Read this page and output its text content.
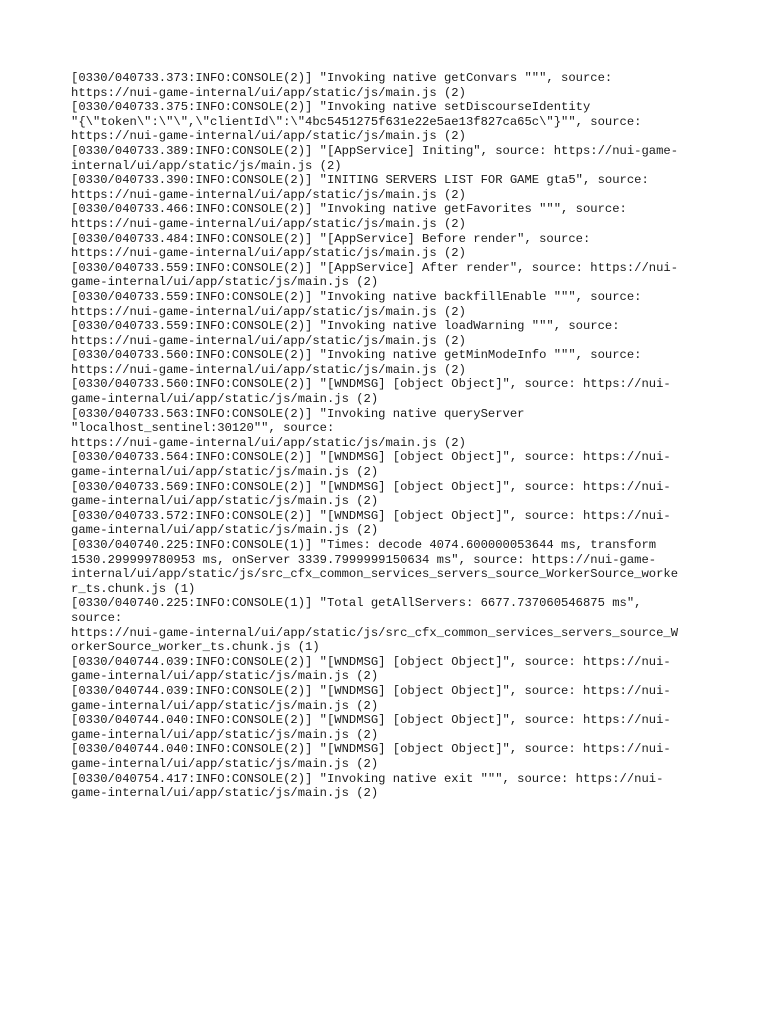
[0330/040733.373:INFO:CONSOLE(2)] "Invoking native getConvars """, source:
https://nui-game-internal/ui/app/static/js/main.js (2)
[0330/040733.375:INFO:CONSOLE(2)] "Invoking native setDiscourseIdentity
"{\"token\":\"\",\"clientId\":\"4bc5451275f631e22e5ae13f827ca65c\"}"", source:
https://nui-game-internal/ui/app/static/js/main.js (2)
[0330/040733.389:INFO:CONSOLE(2)] "[AppService] Initing", source: https://nui-game-
internal/ui/app/static/js/main.js (2)
[0330/040733.390:INFO:CONSOLE(2)] "INITING SERVERS LIST FOR GAME gta5", source:
https://nui-game-internal/ui/app/static/js/main.js (2)
[0330/040733.466:INFO:CONSOLE(2)] "Invoking native getFavorites """, source:
https://nui-game-internal/ui/app/static/js/main.js (2)
[0330/040733.484:INFO:CONSOLE(2)] "[AppService] Before render", source:
https://nui-game-internal/ui/app/static/js/main.js (2)
[0330/040733.559:INFO:CONSOLE(2)] "[AppService] After render", source: https://nui-
game-internal/ui/app/static/js/main.js (2)
[0330/040733.559:INFO:CONSOLE(2)] "Invoking native backfillEnable """, source:
https://nui-game-internal/ui/app/static/js/main.js (2)
[0330/040733.559:INFO:CONSOLE(2)] "Invoking native loadWarning """, source:
https://nui-game-internal/ui/app/static/js/main.js (2)
[0330/040733.560:INFO:CONSOLE(2)] "Invoking native getMinModeInfo """, source:
https://nui-game-internal/ui/app/static/js/main.js (2)
[0330/040733.560:INFO:CONSOLE(2)] "[WNDMSG] [object Object]", source: https://nui-
game-internal/ui/app/static/js/main.js (2)
[0330/040733.563:INFO:CONSOLE(2)] "Invoking native queryServer
"localhost_sentinel:30120"", source:
https://nui-game-internal/ui/app/static/js/main.js (2)
[0330/040733.564:INFO:CONSOLE(2)] "[WNDMSG] [object Object]", source: https://nui-
game-internal/ui/app/static/js/main.js (2)
[0330/040733.569:INFO:CONSOLE(2)] "[WNDMSG] [object Object]", source: https://nui-
game-internal/ui/app/static/js/main.js (2)
[0330/040733.572:INFO:CONSOLE(2)] "[WNDMSG] [object Object]", source: https://nui-
game-internal/ui/app/static/js/main.js (2)
[0330/040740.225:INFO:CONSOLE(1)] "Times: decode 4074.600000053644 ms, transform
1530.299999780953 ms, onServer 3339.7999999150634 ms", source: https://nui-game-
internal/ui/app/static/js/src_cfx_common_services_servers_source_WorkerSource_worke
r_ts.chunk.js (1)
[0330/040740.225:INFO:CONSOLE(1)] "Total getAllServers: 6677.737060546875 ms",
source:
https://nui-game-internal/ui/app/static/js/src_cfx_common_services_servers_source_W
orkerSource_worker_ts.chunk.js (1)
[0330/040744.039:INFO:CONSOLE(2)] "[WNDMSG] [object Object]", source: https://nui-
game-internal/ui/app/static/js/main.js (2)
[0330/040744.039:INFO:CONSOLE(2)] "[WNDMSG] [object Object]", source: https://nui-
game-internal/ui/app/static/js/main.js (2)
[0330/040744.040:INFO:CONSOLE(2)] "[WNDMSG] [object Object]", source: https://nui-
game-internal/ui/app/static/js/main.js (2)
[0330/040744.040:INFO:CONSOLE(2)] "[WNDMSG] [object Object]", source: https://nui-
game-internal/ui/app/static/js/main.js (2)
[0330/040754.417:INFO:CONSOLE(2)] "Invoking native exit """, source: https://nui-
game-internal/ui/app/static/js/main.js (2)
